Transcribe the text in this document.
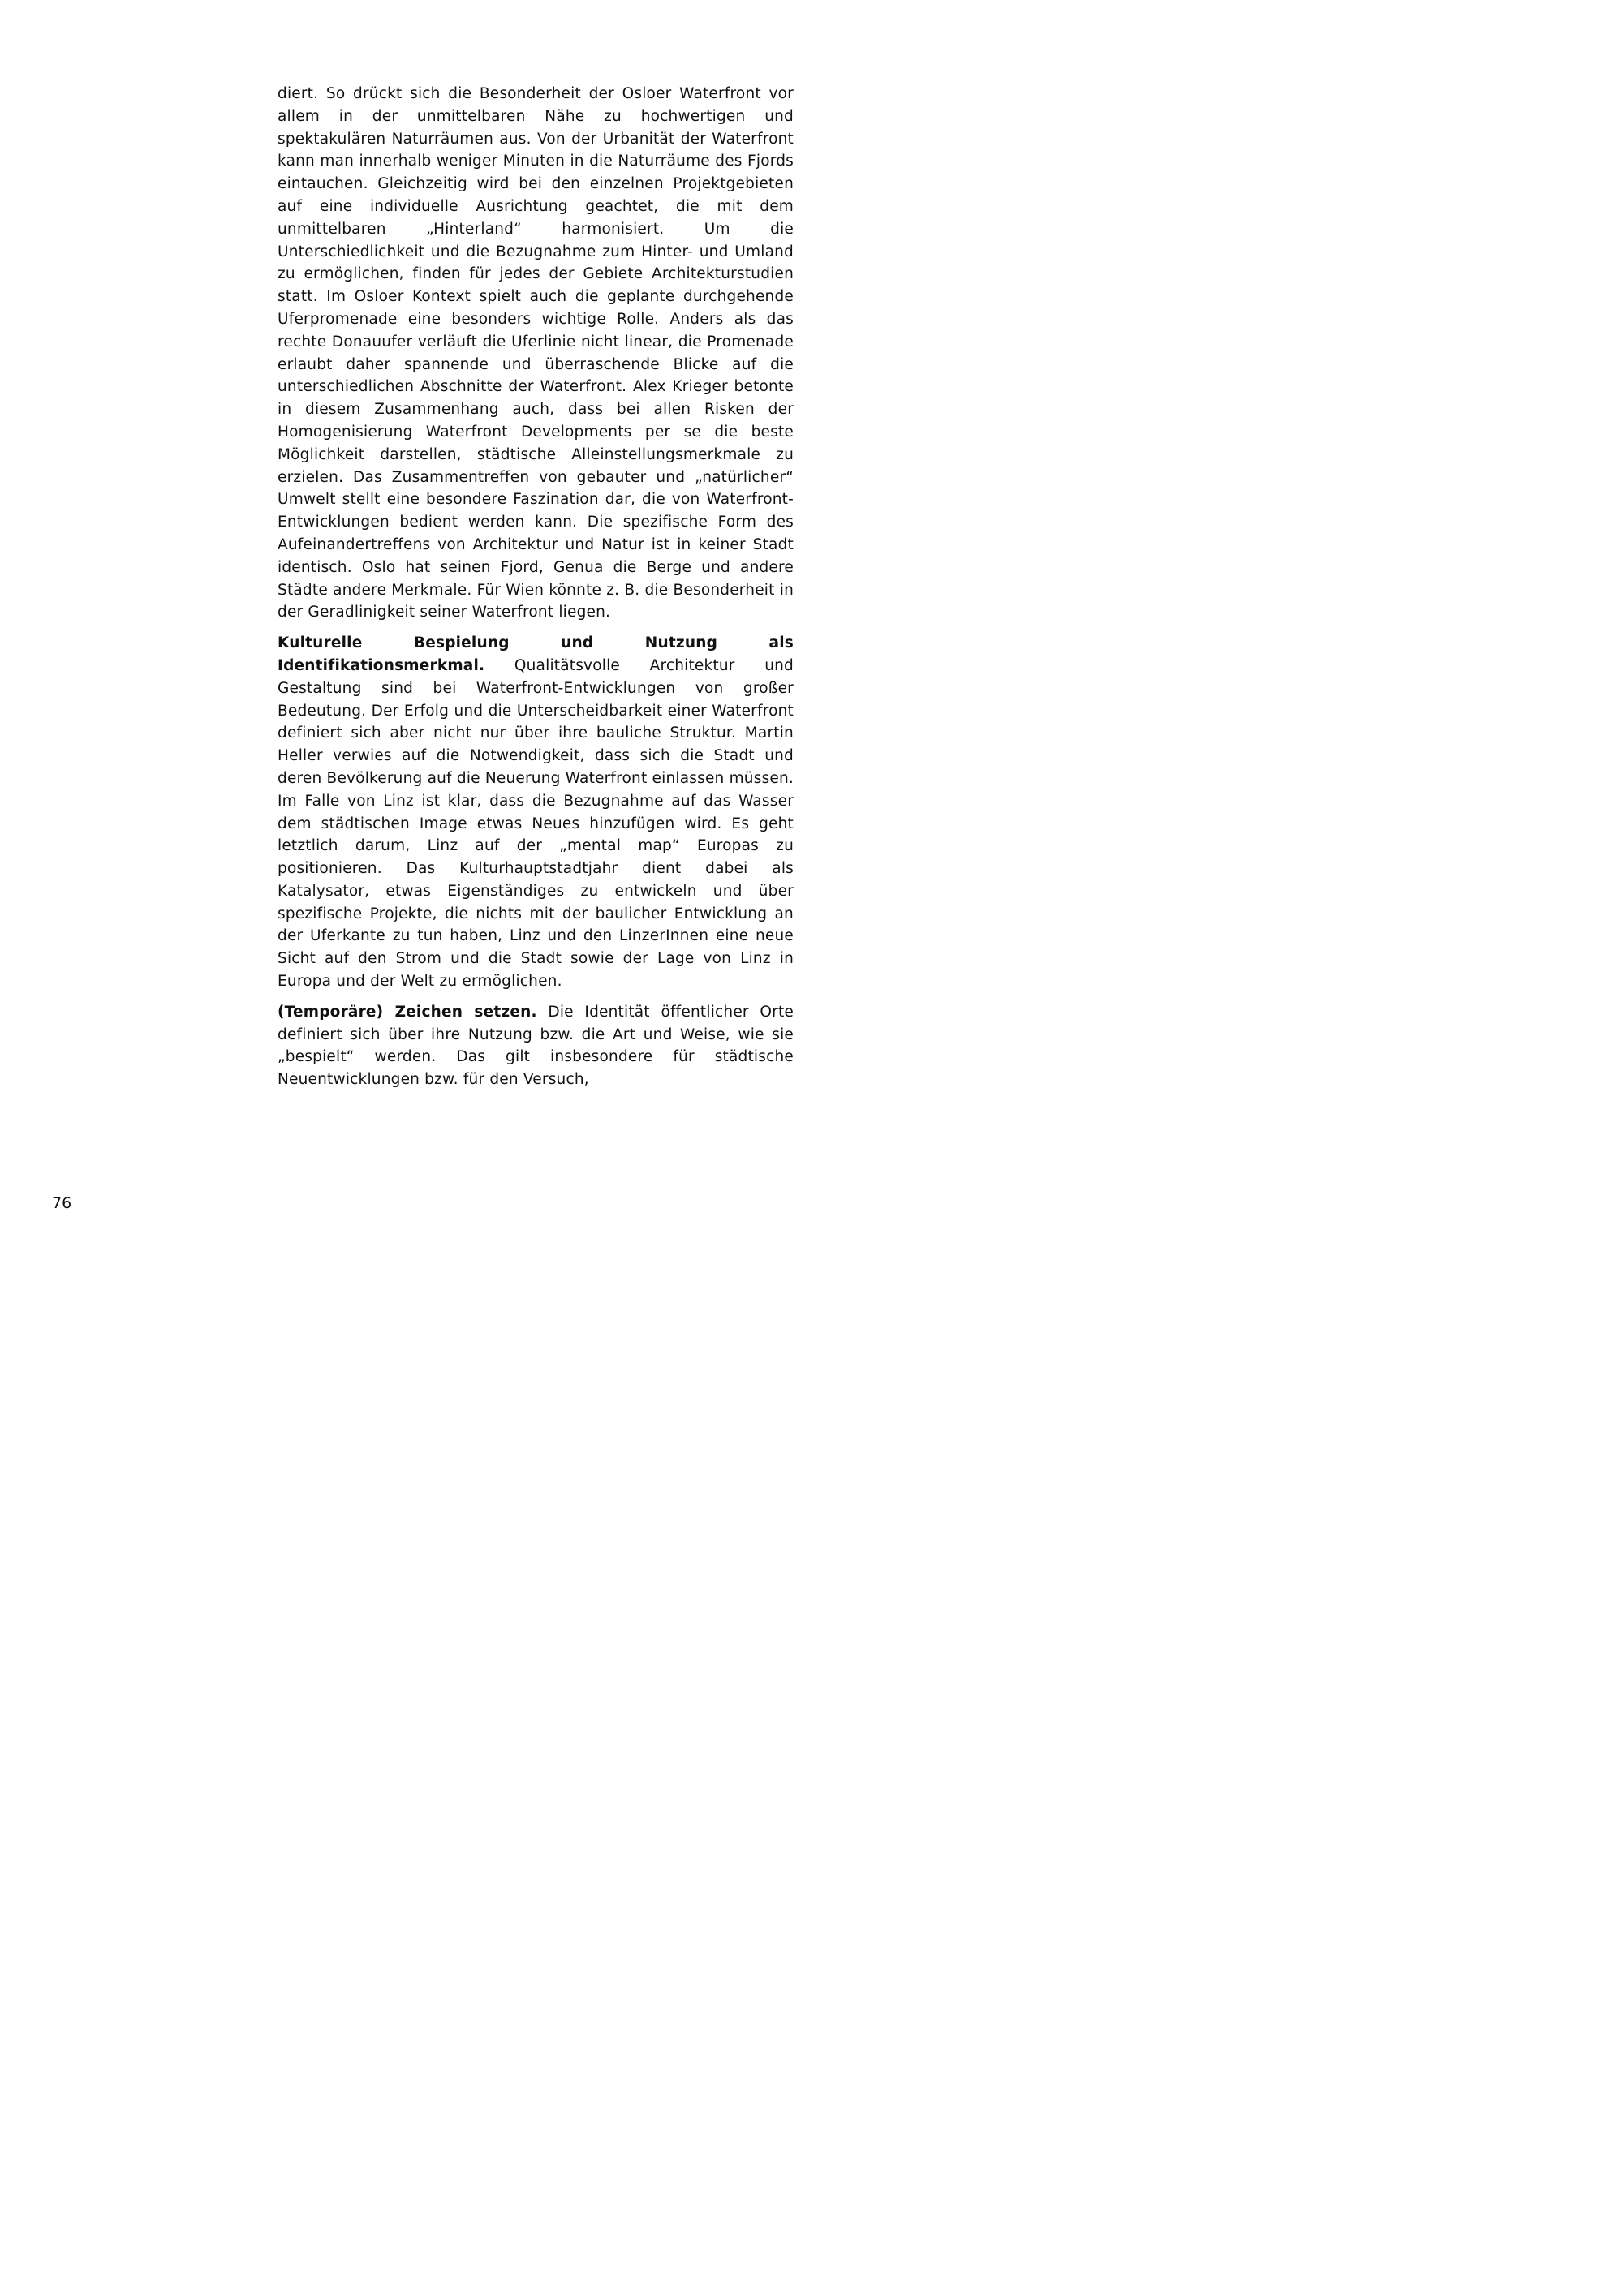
diert. So drückt sich die Besonderheit der Osloer Waterfront vor allem in der unmittelbaren Nähe zu hochwertigen und spektakulären Naturräumen aus. Von der Urbanität der Waterfront kann man innerhalb weniger Minuten in die Naturräume des Fjords eintauchen. Gleichzeitig wird bei den einzelnen Projektgebieten auf eine individuelle Ausrichtung geachtet, die mit dem unmittelbaren „Hinterland“ harmonisiert. Um die Unterschiedlichkeit und die Bezugnahme zum Hinter- und Umland zu ermöglichen, finden für jedes der Gebiete Architekturstudien statt. Im Osloer Kontext spielt auch die geplante durchgehende Uferpromenade eine besonders wichtige Rolle. Anders als das rechte Donauufer verläuft die Uferlinie nicht linear, die Promenade erlaubt daher spannende und überraschende Blicke auf die unterschiedlichen Abschnitte der Waterfront. Alex Krieger betonte in diesem Zusammenhang auch, dass bei allen Risken der Homogenisierung Waterfront Developments per se die beste Möglichkeit darstellen, städtische Alleinstellungsmerkmale zu erzielen. Das Zusammentreffen von gebauter und „natürlicher“ Umwelt stellt eine besondere Faszination dar, die von Waterfront-Entwicklungen bedient werden kann. Die spezifische Form des Aufeinandertreffens von Architektur und Natur ist in keiner Stadt identisch. Oslo hat seinen Fjord, Genua die Berge und andere Städte andere Merkmale. Für Wien könnte z. B. die Besonderheit in der Geradlinigkeit seiner Waterfront liegen.

Kulturelle Bespielung und Nutzung als Identifikationsmerkmal. Qualitätsvolle Architektur und Gestaltung sind bei Waterfront-Entwicklungen von großer Bedeutung. Der Erfolg und die Unterscheidbarkeit einer Waterfront definiert sich aber nicht nur über ihre bauliche Struktur. Martin Heller verwies auf die Notwendigkeit, dass sich die Stadt und deren Bevölkerung auf die Neuerung Waterfront einlassen müssen. Im Falle von Linz ist klar, dass die Bezugnahme auf das Wasser dem städtischen Image etwas Neues hinzufügen wird. Es geht letztlich darum, Linz auf der „mental map“ Europas zu positionieren. Das Kulturhauptstadtjahr dient dabei als Katalysator, etwas Eigenständiges zu entwickeln und über spezifische Projekte, die nichts mit der baulicher Entwicklung an der Uferkante zu tun haben, Linz und den LinzerInnen eine neue Sicht auf den Strom und die Stadt sowie der Lage von Linz in Europa und der Welt zu ermöglichen.

(Temporäre) Zeichen setzen. Die Identität öffentlicher Orte definiert sich über ihre Nutzung bzw. die Art und Weise, wie sie „bespielt“ werden. Das gilt insbesondere für städtische Neuentwicklungen bzw. für den Versuch,

76
